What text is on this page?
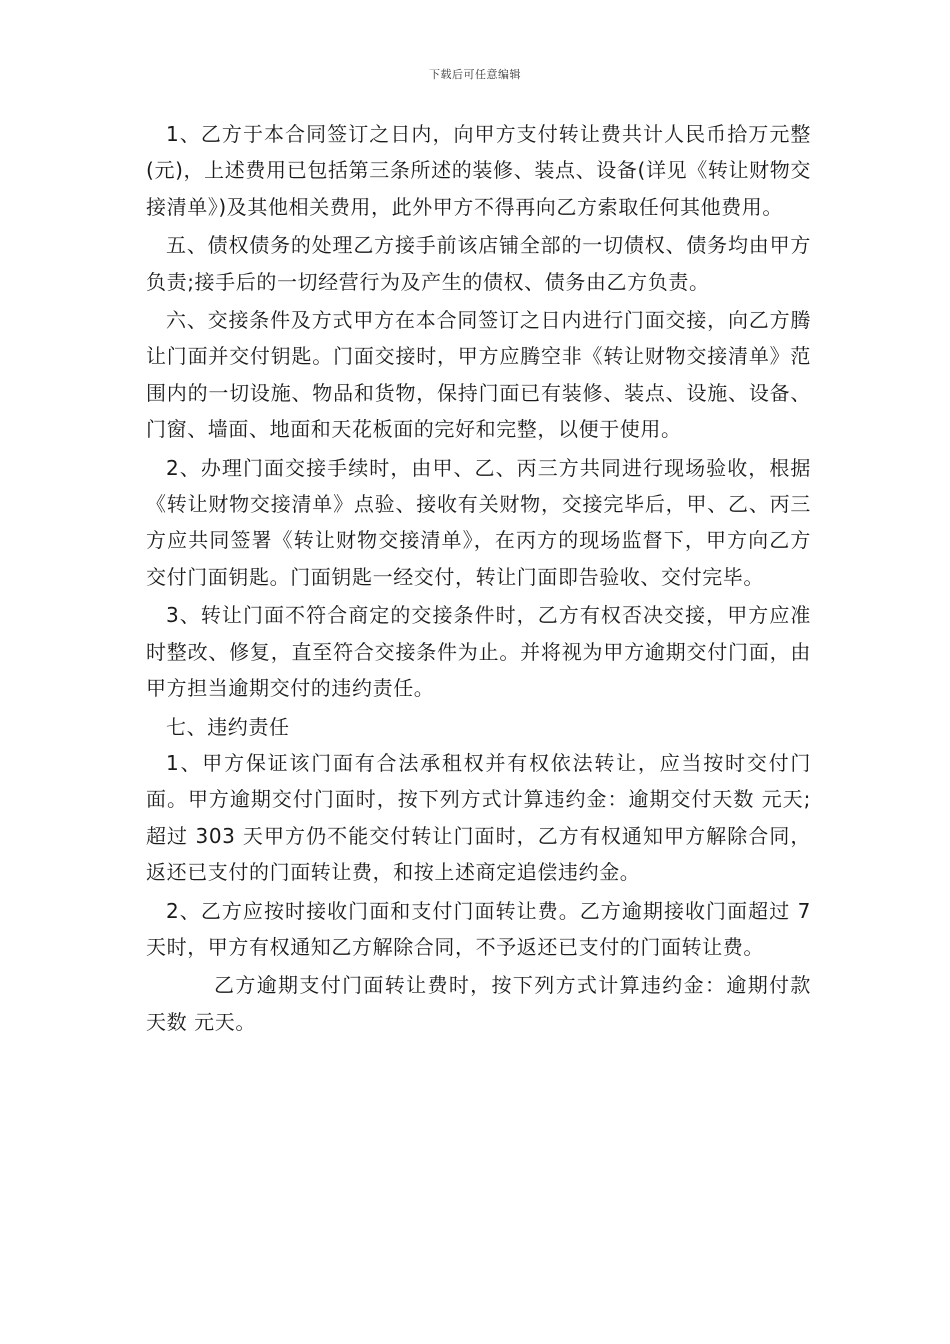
下载后可任意编辑

1、乙方于本合同签订之日内，向甲方支付转让费共计人民币拾万元整(元)，上述费用已包括第三条所述的装修、装点、设备(详见《转让财物交接清单》)及其他相关费用，此外甲方不得再向乙方索取任何其他费用。

五、债权债务的处理乙方接手前该店铺全部的一切债权、债务均由甲方负责;接手后的一切经营行为及产生的债权、债务由乙方负责。

六、交接条件及方式甲方在本合同签订之日内进行门面交接，向乙方腾让门面并交付钥匙。门面交接时，甲方应腾空非《转让财物交接清单》范围内的一切设施、物品和货物，保持门面已有装修、装点、设施、设备、门窗、墙面、地面和天花板面的完好和完整，以便于使用。

2、办理门面交接手续时，由甲、乙、丙三方共同进行现场验收，根据《转让财物交接清单》点验、接收有关财物，交接完毕后，甲、乙、丙三方应共同签署《转让财物交接清单》，在丙方的现场监督下，甲方向乙方交付门面钥匙。门面钥匙一经交付，转让门面即告验收、交付完毕。

3、转让门面不符合商定的交接条件时，乙方有权否决交接，甲方应准时整改、修复，直至符合交接条件为止。并将视为甲方逾期交付门面，由甲方担当逾期交付的违约责任。

七、违约责任

1、甲方保证该门面有合法承租权并有权依法转让，应当按时交付门面。甲方逾期交付门面时，按下列方式计算违约金：逾期交付天数 元天;超过 303 天甲方仍不能交付转让门面时，乙方有权通知甲方解除合同，返还已支付的门面转让费，和按上述商定追偿违约金。

2、乙方应按时接收门面和支付门面转让费。乙方逾期接收门面超过 7 天时，甲方有权通知乙方解除合同，不予返还已支付的门面转让费。

乙方逾期支付门面转让费时，按下列方式计算违约金：逾期付款天数 元天。
